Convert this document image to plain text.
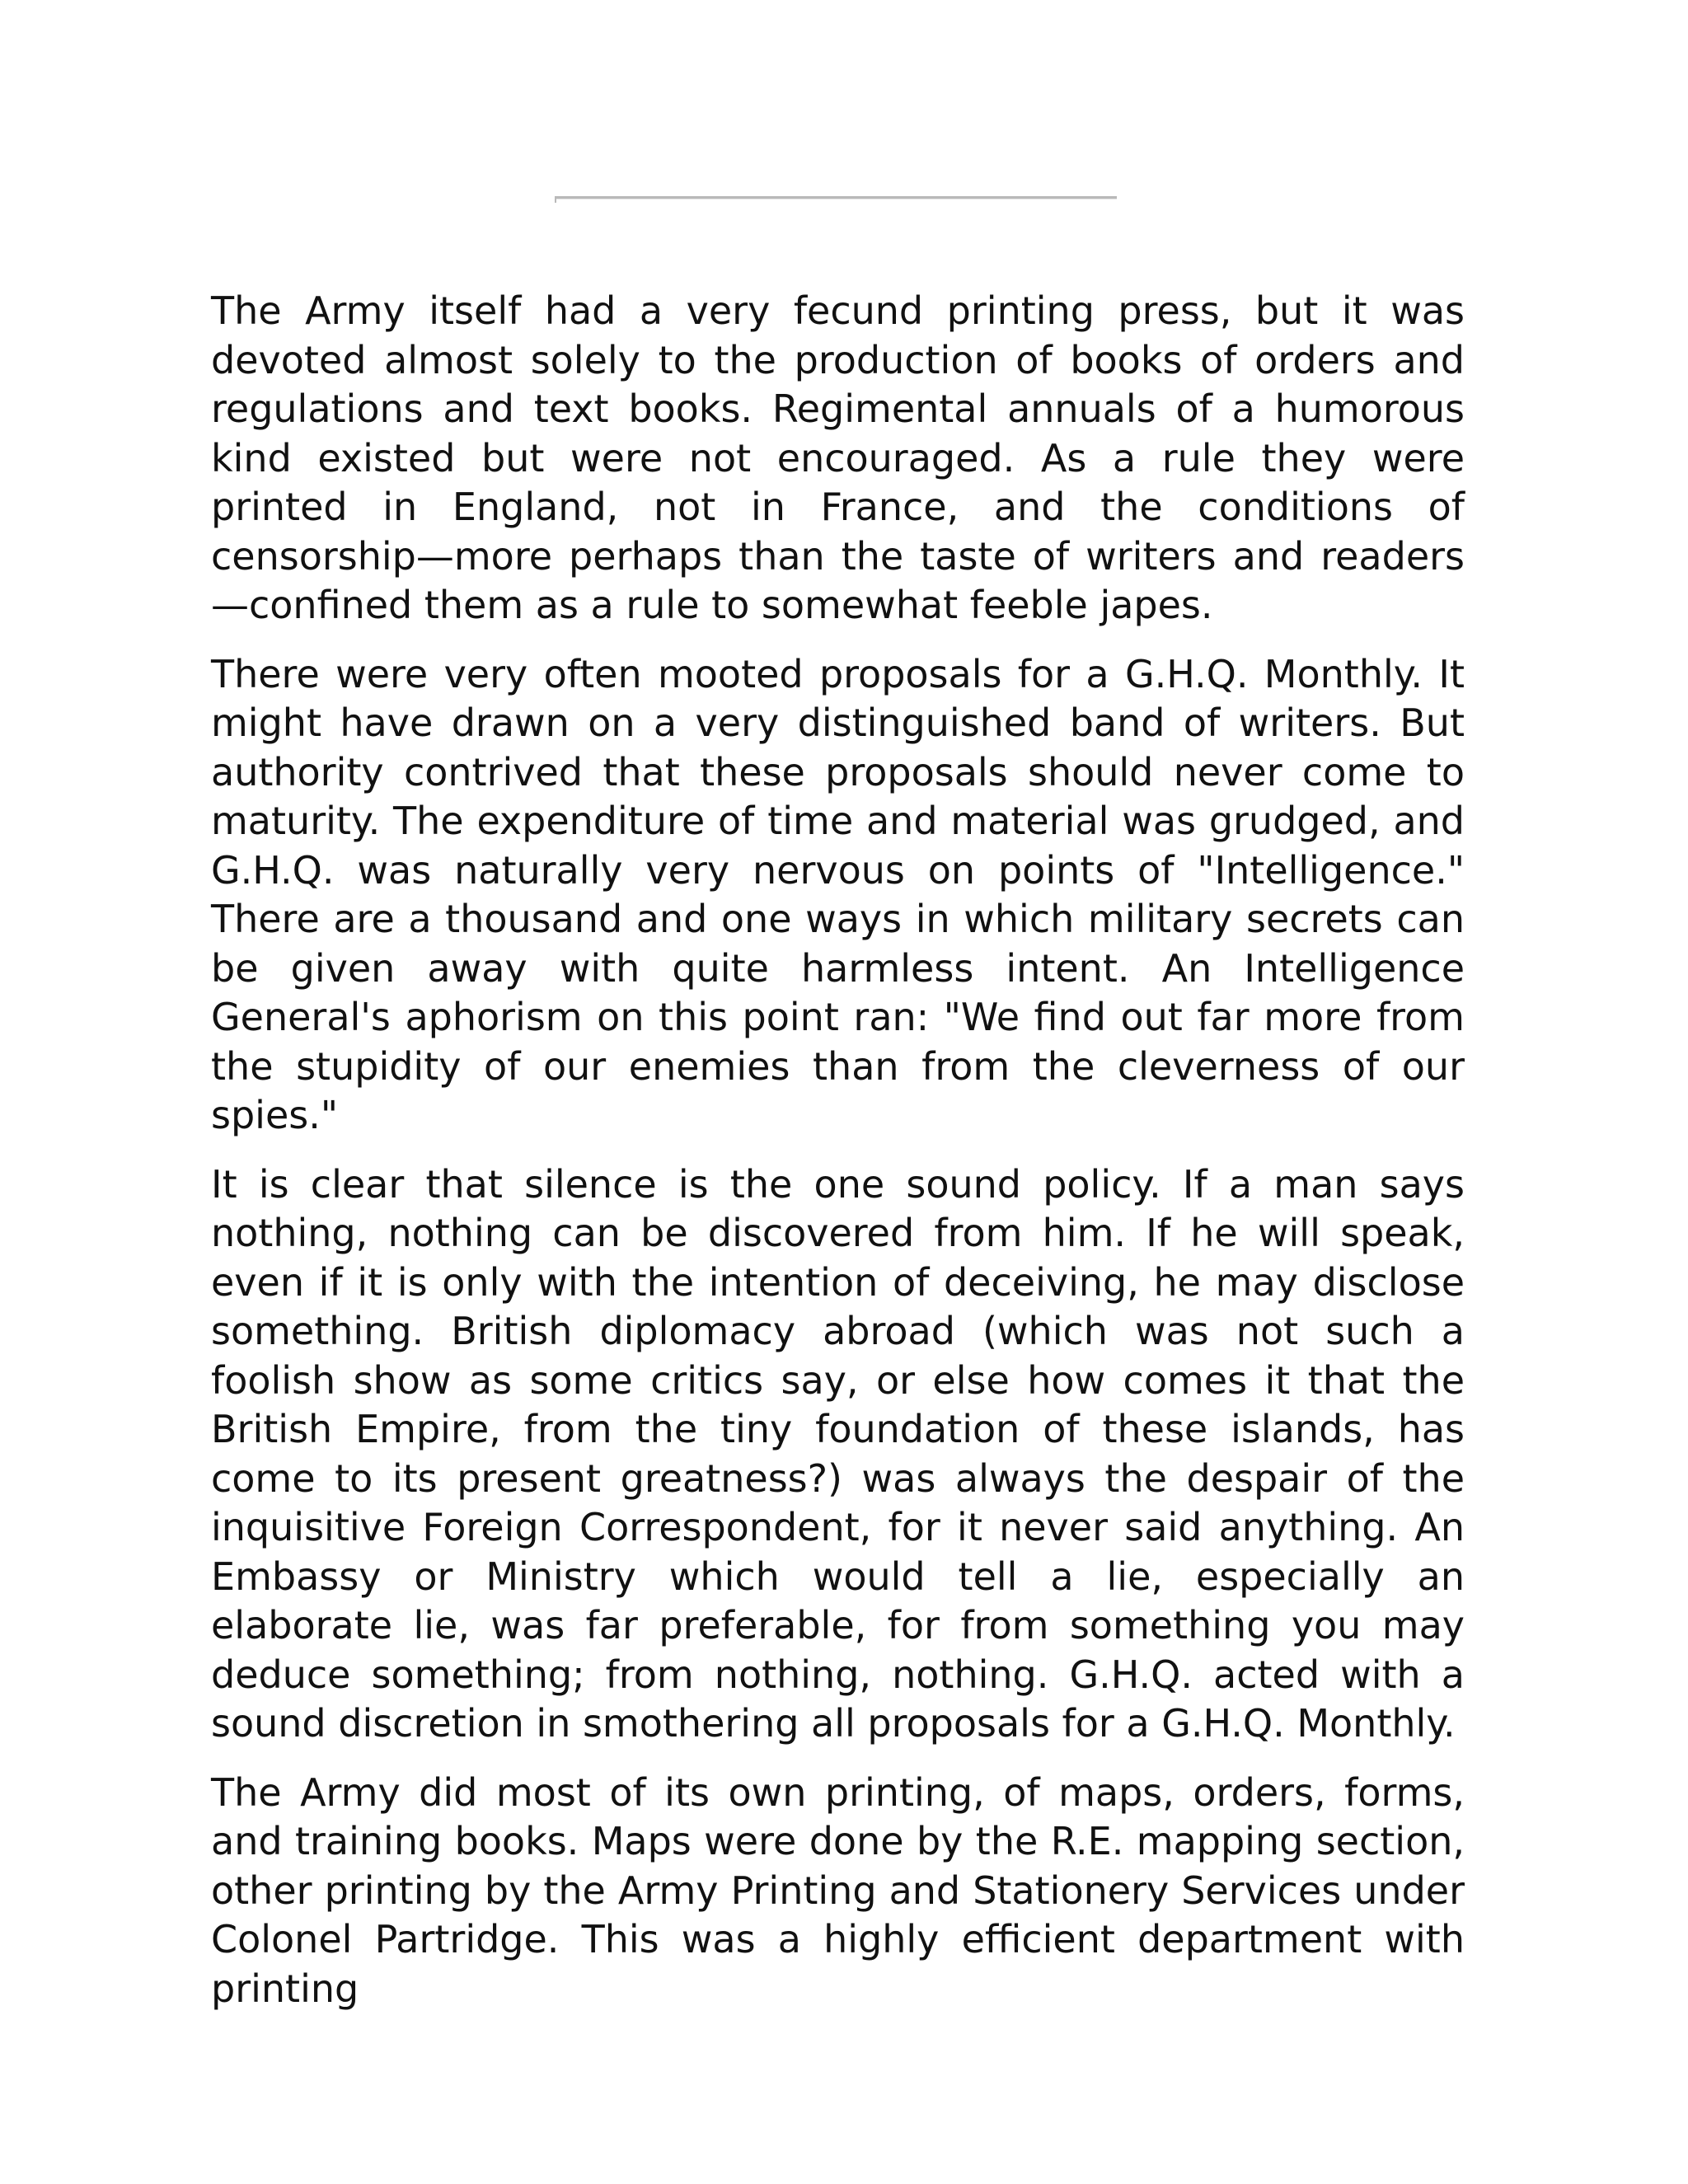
The Army itself had a very fecund printing press, but it was devoted almost solely to the production of books of orders and regulations and text books. Regimental annuals of a humorous kind existed but were not encouraged. As a rule they were printed in England, not in France, and the conditions of censorship—more perhaps than the taste of writers and readers—confined them as a rule to somewhat feeble japes.

There were very often mooted proposals for a G.H.Q. Monthly. It might have drawn on a very distinguished band of writers. But authority contrived that these proposals should never come to maturity. The expenditure of time and material was grudged, and G.H.Q. was naturally very nervous on points of "Intelligence." There are a thousand and one ways in which military secrets can be given away with quite harmless intent. An Intelligence General's aphorism on this point ran: "We find out far more from the stupidity of our enemies than from the cleverness of our spies."

It is clear that silence is the one sound policy. If a man says nothing, nothing can be discovered from him. If he will speak, even if it is only with the intention of deceiving, he may disclose something. British diplomacy abroad (which was not such a foolish show as some critics say, or else how comes it that the British Empire, from the tiny foundation of these islands, has come to its present greatness?) was always the despair of the inquisitive Foreign Correspondent, for it never said anything. An Embassy or Ministry which would tell a lie, especially an elaborate lie, was far preferable, for from something you may deduce something; from nothing, nothing. G.H.Q. acted with a sound discretion in smothering all proposals for a G.H.Q. Monthly.

The Army did most of its own printing, of maps, orders, forms, and training books. Maps were done by the R.E. mapping section, other printing by the Army Printing and Stationery Services under Colonel Partridge. This was a highly efficient department with printing
